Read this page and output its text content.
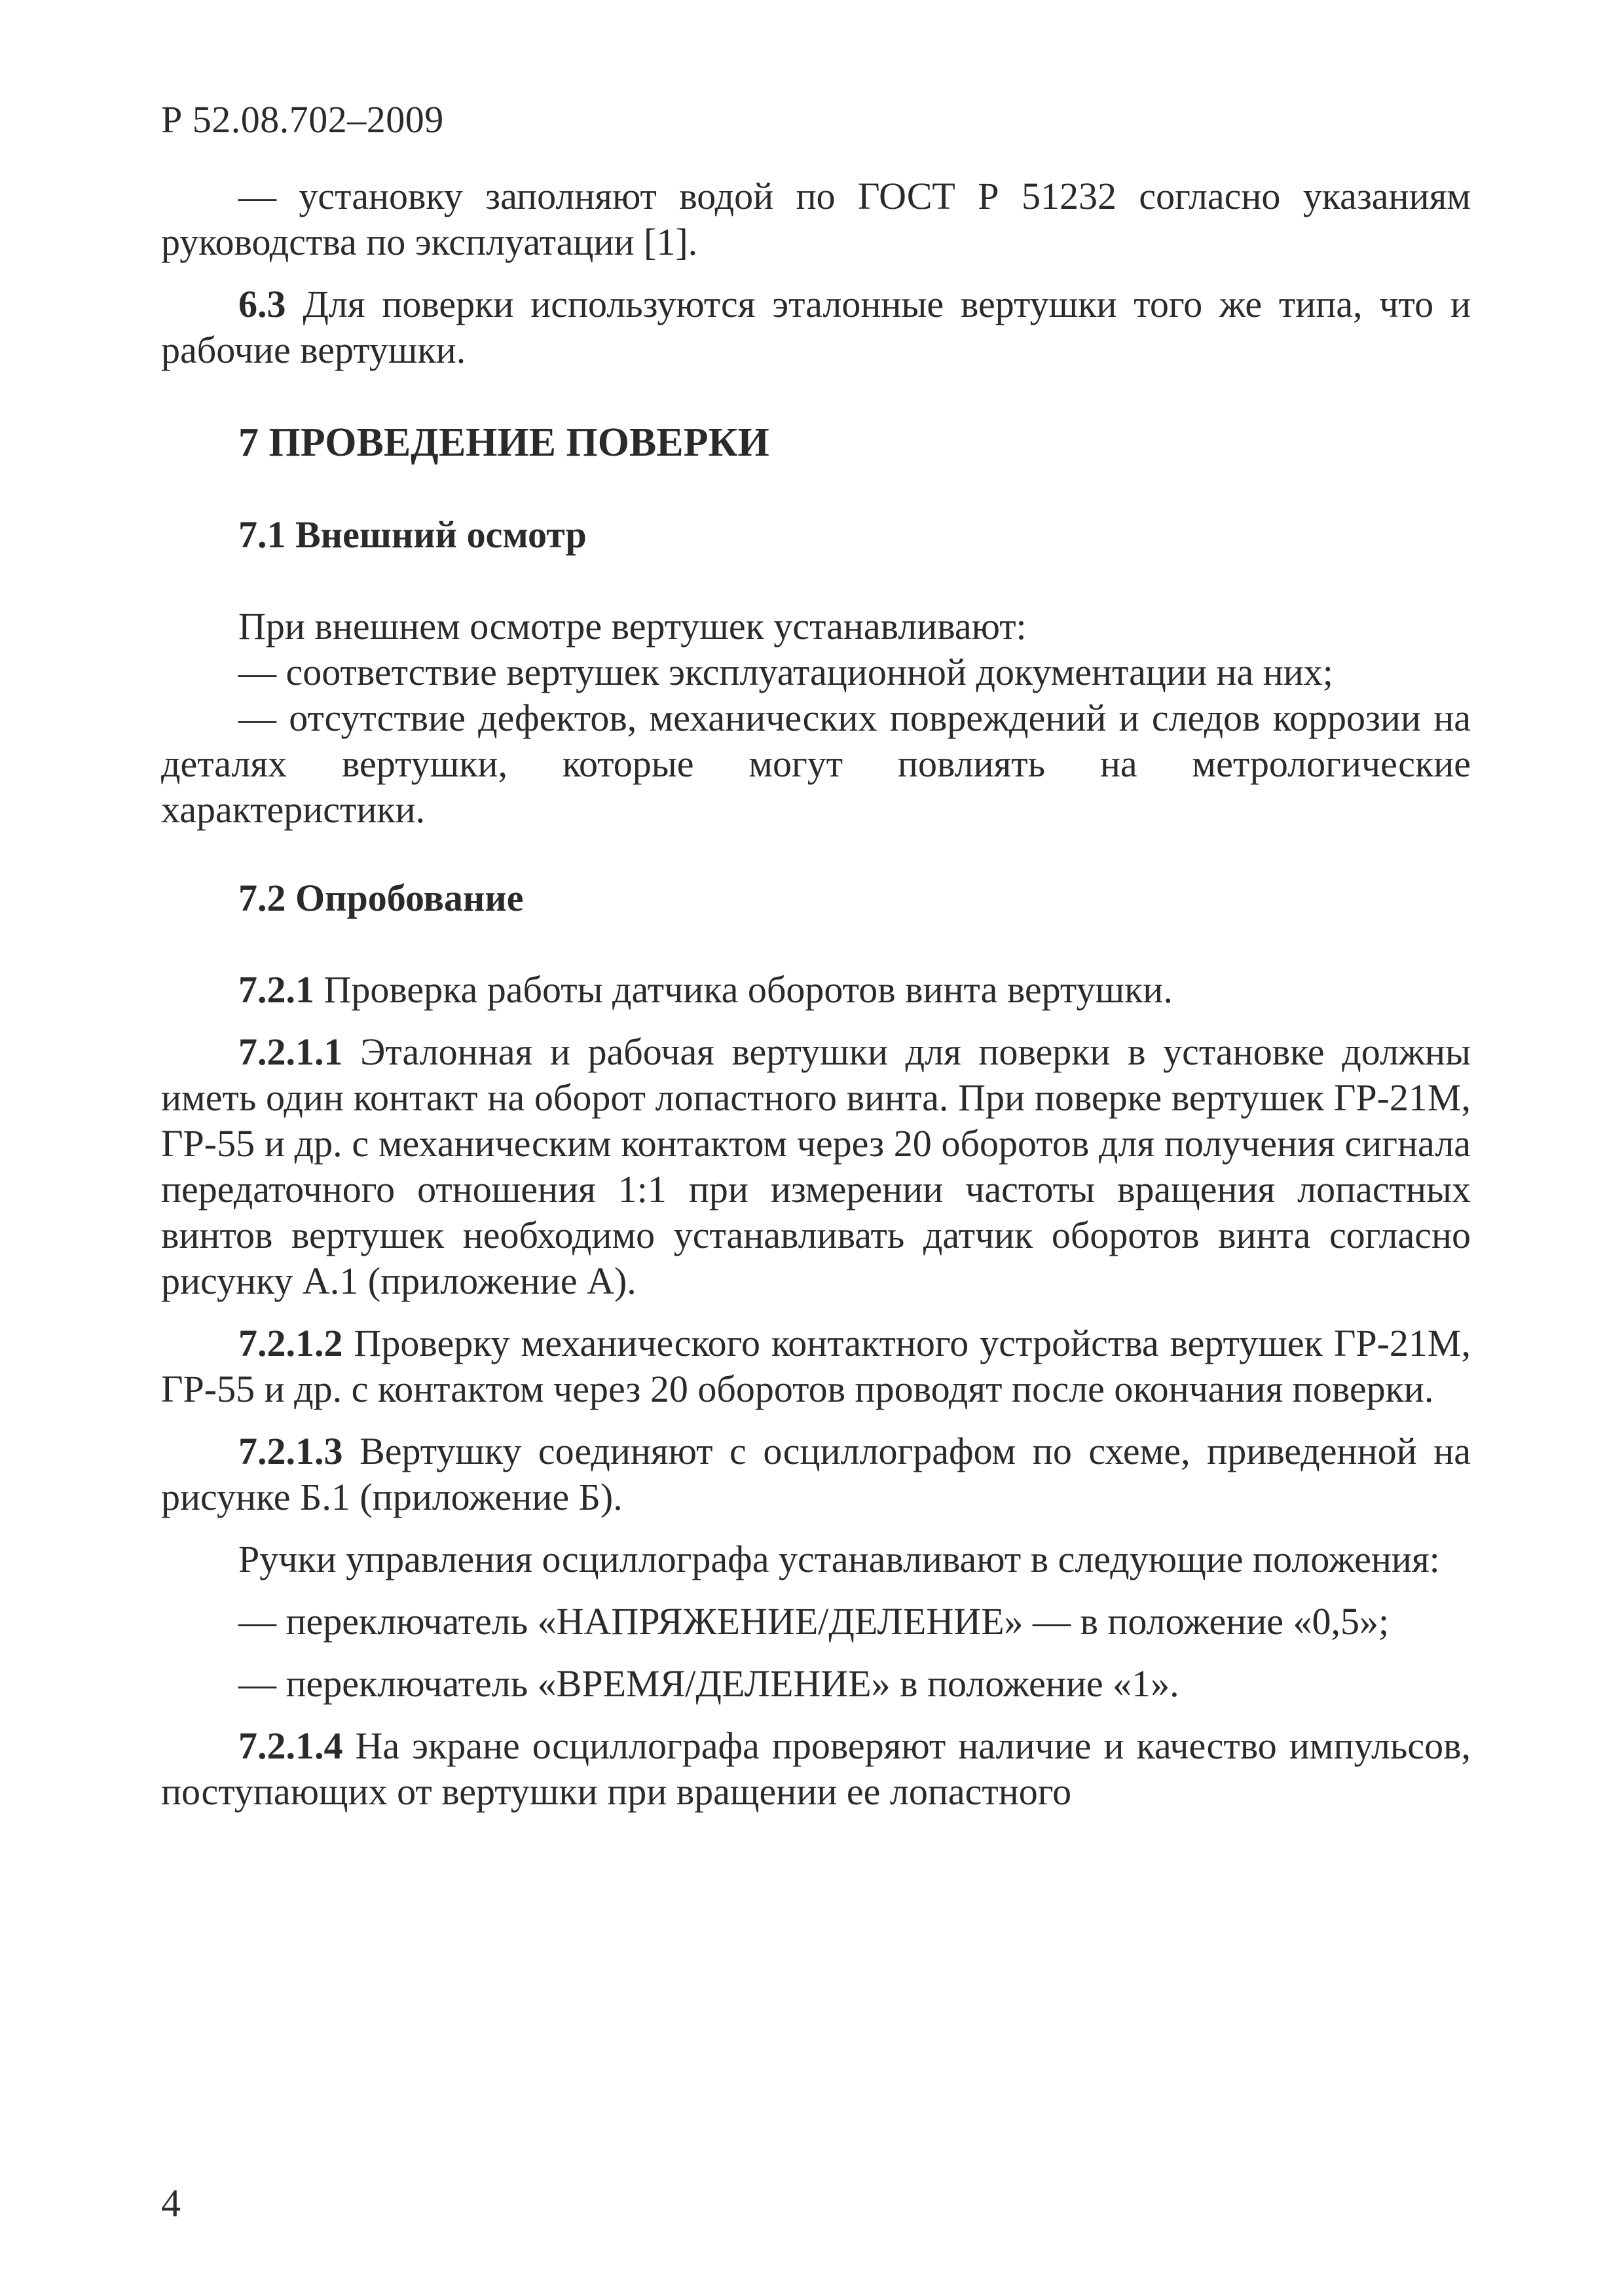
Р 52.08.702–2009

— установку заполняют водой по ГОСТ Р 51232 согласно указаниям руководства по эксплуатации [1].

6.3 Для поверки используются эталонные вертушки того же типа, что и рабочие вертушки.

7 ПРОВЕДЕНИЕ ПОВЕРКИ
7.1 Внешний осмотр

При внешнем осмотре вертушек устанавливают:

— соответствие вертушек эксплуатационной документации на них;

— отсутствие дефектов, механических повреждений и следов коррозии на деталях вертушки, которые могут повлиять на метрологические характеристики.

7.2 Опробование

7.2.1 Проверка работы датчика оборотов винта вертушки.

7.2.1.1 Эталонная и рабочая вертушки для поверки в установке должны иметь один контакт на оборот лопастного винта. При поверке вертушек ГР-21М, ГР-55 и др. с механическим контактом через 20 оборотов для получения сигнала передаточного отношения 1:1 при измерении частоты вращения лопастных винтов вертушек необходимо устанавливать датчик оборотов винта согласно рисунку А.1 (приложение А).

7.2.1.2 Проверку механического контактного устройства вертушек ГР-21М, ГР-55 и др. с контактом через 20 оборотов проводят после окончания поверки.

7.2.1.3 Вертушку соединяют с осциллографом по схеме, приведенной на рисунке Б.1 (приложение Б).

Ручки управления осциллографа устанавливают в следующие положения:

— переключатель «НАПРЯЖЕНИЕ/ДЕЛЕНИЕ» — в положение «0,5»;

— переключатель «ВРЕМЯ/ДЕЛЕНИЕ» в положение «1».

7.2.1.4 На экране осциллографа проверяют наличие и качество импульсов, поступающих от вертушки при вращении ее лопастного

4
